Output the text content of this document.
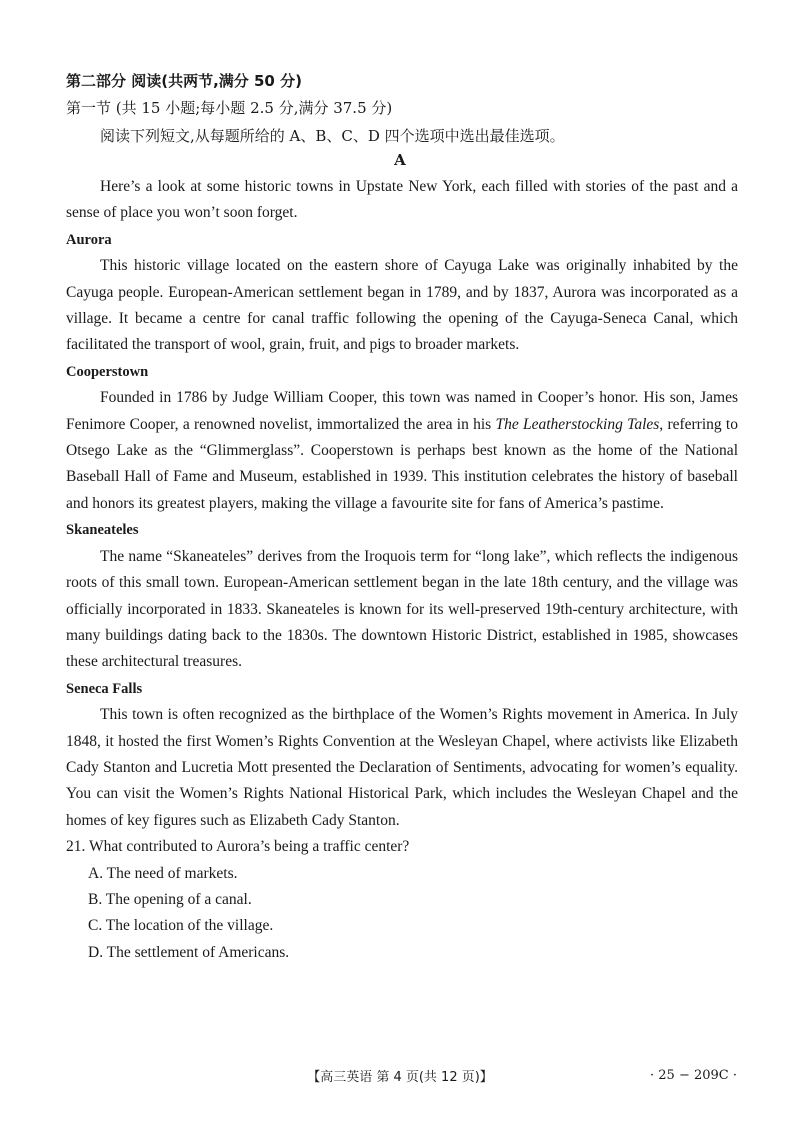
第二部分 阅读(共两节,满分 50 分)
第一节 (共 15 小题;每小题 2.5 分,满分 37.5 分)
阅读下列短文,从每题所给的 A、B、C、D 四个选项中选出最佳选项。
A

Here’s a look at some historic towns in Upstate New York, each filled with stories of the past and a sense of place you won’t soon forget.

Aurora

This historic village located on the eastern shore of Cayuga Lake was originally inhabited by the Cayuga people. European-American settlement began in 1789, and by 1837, Aurora was incorporated as a village. It became a centre for canal traffic following the opening of the Cayuga-Seneca Canal, which facilitated the transport of wool, grain, fruit, and pigs to broader markets.

Cooperstown

Founded in 1786 by Judge William Cooper, this town was named in Cooper’s honor. His son, James Fenimore Cooper, a renowned novelist, immortalized the area in his The Leatherstocking Tales, referring to Otsego Lake as the “Glimmerglass”. Cooperstown is perhaps best known as the home of the National Baseball Hall of Fame and Museum, established in 1939. This institution celebrates the history of baseball and honors its greatest players, making the village a favourite site for fans of America’s pastime.

Skaneateles

The name “Skaneateles” derives from the Iroquois term for “long lake”, which reflects the indigenous roots of this small town. European-American settlement began in the late 18th century, and the village was officially incorporated in 1833. Skaneateles is known for its well-preserved 19th-century architecture, with many buildings dating back to the 1830s. The downtown Historic District, established in 1985, showcases these architectural treasures.

Seneca Falls

This town is often recognized as the birthplace of the Women’s Rights movement in America. In July 1848, it hosted the first Women’s Rights Convention at the Wesleyan Chapel, where activists like Elizabeth Cady Stanton and Lucretia Mott presented the Declaration of Sentiments, advocating for women’s equality. You can visit the Women’s Rights National Historical Park, which includes the Wesleyan Chapel and the homes of key figures such as Elizabeth Cady Stanton.

21. What contributed to Aurora’s being a traffic center?
A. The need of markets.
B. The opening of a canal.
C. The location of the village.
D. The settlement of Americans.
【高三英语 第 4 页(共 12 页)】	· 25 − 209C ·
